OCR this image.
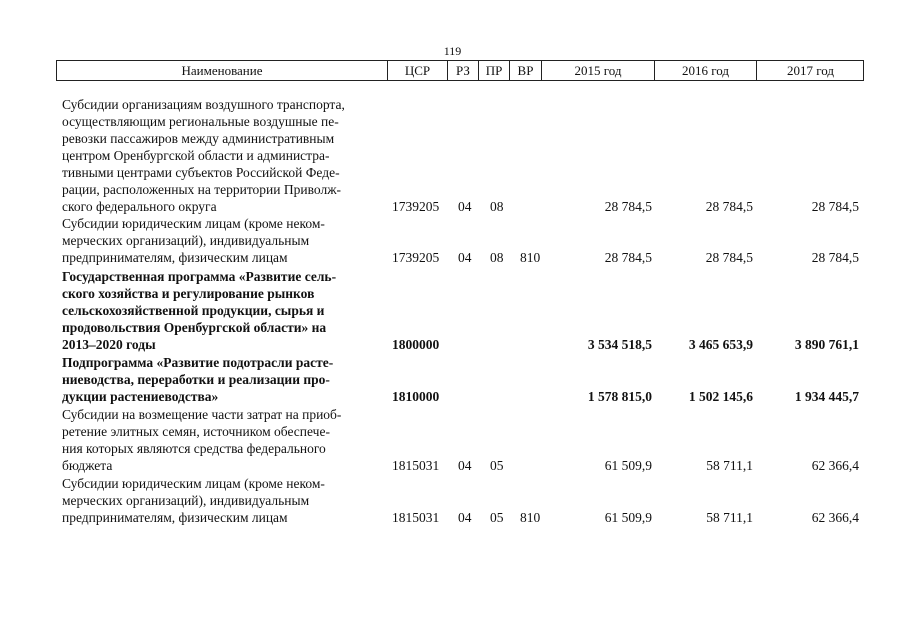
119
Наименование	ЦСР	РЗ	ПР	ВР	2015 год	2016 год	2017 год
Субсидии организациям воздушного транспорта,
осуществляющим региональные воздушные пе-
ревозки пассажиров между административным
центром Оренбургской области и администра-
тивными центрами субъектов Российской Феде-
рации, расположенных на территории Приволж-
ского федерального округа	1739205 04 08	28 784,5	28 784,5	28 784,5
Субсидии юридическим лицам (кроме неком-
мерческих организаций), индивидуальным
предпринимателям, физическим лицам	1739205 04 08 810	28 784,5	28 784,5	28 784,5
Государственная программа «Развитие сель-
ского хозяйства и регулирование рынков
сельскохозяйственной продукции, сырья и
продовольствия Оренбургской области» на
2013–2020 годы	1800000	3 534 518,5	3 465 653,9	3 890 761,1
Подпрограмма «Развитие подотрасли расте-
ниеводства, переработки и реализации про-
дукции растениеводства»	1810000	1 578 815,0	1 502 145,6	1 934 445,7
Субсидии на возмещение части затрат на приоб-
ретение элитных семян, источником обеспече-
ния которых являются средства федерального
бюджета	1815031 04 05	61 509,9	58 711,1	62 366,4
Субсидии юридическим лицам (кроме неком-
мерческих организаций), индивидуальным
предпринимателям, физическим лицам	1815031 04 05 810	61 509,9	58 711,1	62 366,4
